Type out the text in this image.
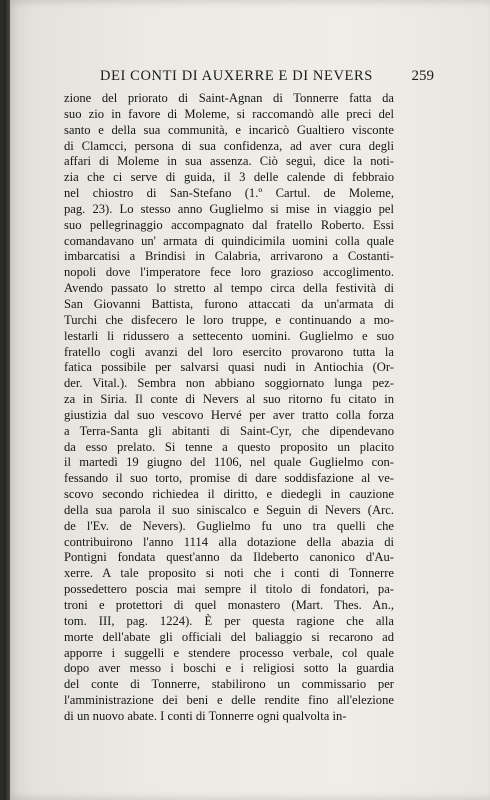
DEI CONTI DI AUXERRE E DI NEVERS	259
zione del priorato di Saint-Agnan di Tonnerre fatta da
suo zio in favore di Moleme, si raccomandò alle preci del
santo e della sua communità, e incaricò Gualtiero visconte
di Clamcci, persona di sua confidenza, ad aver cura degli
affari di Moleme in sua assenza. Ciò seguì, dice la noti-
zia che ci serve di guida, il 3 delle calende di febbraio
nel chiostro di San-Stefano (1.º Cartul. de Moleme,
pag. 23). Lo stesso anno Guglielmo si mise in viaggio pel
suo pellegrinaggio accompagnato dal fratello Roberto. Essi
comandavano un' armata di quindicimila uomini colla quale
imbarcatisi a Brindisi in Calabria, arrivarono a Costanti-
nopoli dove l'imperatore fece loro grazioso accoglimento.
Avendo passato lo stretto al tempo circa della festività di
San Giovanni Battista, furono attaccati da un'armata di
Turchi che disfecero le loro truppe, e continuando a mo-
lestarli li ridussero a settecento uomini. Guglielmo e suo
fratello cogli avanzi del loro esercito provarono tutta la
fatica possibile per salvarsi quasi nudi in Antiochia (Or-
der. Vital.). Sembra non abbiano soggiornato lunga pez-
za in Siria. Il conte di Nevers al suo ritorno fu citato in
giustizia dal suo vescovo Hervé per aver tratto colla forza
a Terra-Santa gli abitanti di Saint-Cyr, che dipendevano
da esso prelato. Si tenne a questo proposito un placito
il martedì 19 giugno del 1106, nel quale Guglielmo con-
fessando il suo torto, promise di dare soddisfazione al ve-
scovo secondo richiedea il diritto, e diedegli in cauzione
della sua parola il suo siniscalco e Seguin di Nevers (Arc.
de l'Ev. de Nevers). Guglielmo fu uno tra quelli che
contribuirono l'anno 1114 alla dotazione della abazia di
Pontigni fondata quest'anno da Ildeberto canonico d'Au-
xerre. A tale proposito si noti che i conti di Tonnerre
possedettero poscia mai sempre il titolo di fondatori, pa-
troni e protettori di quel monastero (Mart. Thes. An.,
tom. III, pag. 1224). È per questa ragione che alla
morte dell'abate gli officiali del baliaggio si recarono ad
apporre i suggelli e stendere processo verbale, col quale
dopo aver messo i boschi e i religiosi sotto la guardia
del conte di Tonnerre, stabilirono un commissario per
l'amministrazione dei beni e delle rendite fino all'elezione
di un nuovo abate. I conti di Tonnerre ogni qualvolta in-
